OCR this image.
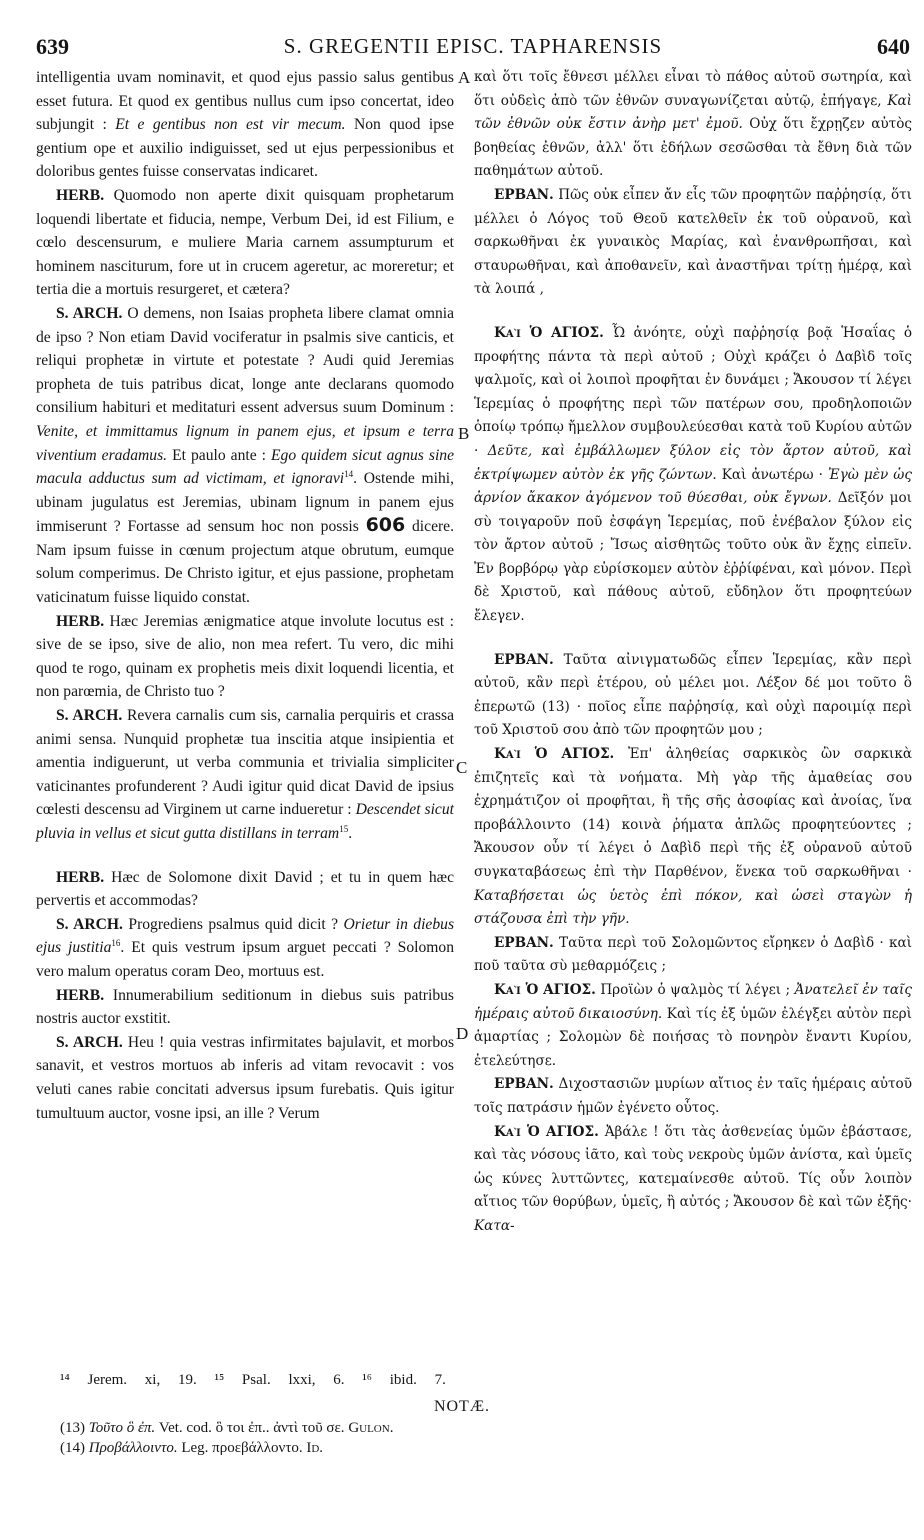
639	S. GREGENTII EPISC. TAPHARENSIS	640

intelligentia uvam nominavit, et quod ejus passio salus gentibus esset futura. Et quod ex gentibus nullus cum ipso concertat, ideo subjungit : Et e gentibus non est vir mecum. Non quod ipse gentium ope et auxilio indiguisset, sed ut ejus perpessionibus et doloribus gentes fuisse conservatas indicaret.

HERB. Quomodo non aperte dixit quisquam prophetarum loquendi libertate et fiducia, nempe, Verbum Dei, id est Filium, e cœlo descensurum, e muliere Maria carnem assumpturum et hominem nasciturum, fore ut in crucem ageretur, ac moreretur; et tertia die a mortuis resurgeret, et cætera?

S. ARCH. O demens, non Isaias propheta libere clamat omnia de ipso ? Non etiam David vociferatur in psalmis sive canticis, et reliqui prophetæ in virtute et potestate ? Audi quid Jeremias propheta de tuis patribus dicat, longe ante declarans quomodo consilium habituri et meditaturi essent adversus suum Dominum : Venite, et immittamus lignum in panem ejus, et ipsum e terra viventium eradamus. Et paulo ante : Ego quidem sicut agnus sine macula adductus sum ad victimam, et ignoravi$^{14}$. Ostende mihi, ubinam jugulatus est Jeremias, ubinam lignum in panem ejus immiserunt ? Fortasse ad sensum hoc non possis 606 dicere. Nam ipsum fuisse in cœnum projectum atque obrutum, eumque solum comperimus. De Christo igitur, et ejus passione, prophetam vaticinatum fuisse liquido constat.

HERB. Hæc Jeremias ænigmatice atque involute locutus est : sive de se ipso, sive de alio, non mea refert. Tu vero, dic mihi quod te rogo, quinam ex prophetis meis dixit loquendi licentia, et non parœmia, de Christo tuo ?

S. ARCH. Revera carnalis cum sis, carnalia perquiris et crassa animi sensa. Nunquid prophetæ tua inscitia atque insipientia et amentia indiguerunt, ut verba communia et trivialia simpliciter vaticinantes profunderent ? Audi igitur quid dicat David de ipsius cœlesti descensu ad Virginem ut carne indueretur : Descendet sicut pluvia in vellus et sicut gutta distillans in terram$^{15}$.

HERB. Hæc de Solomone dixit David ; et tu in quem hæc pervertis et accommodas?

S. ARCH. Progrediens psalmus quid dicit ? Orietur in diebus ejus justitia$^{16}$. Et quis vestrum ipsum arguet peccati ? Solomon vero malum operatus coram Deo, mortuus est.

HERB. Innumerabilium seditionum in diebus suis patribus nostris auctor exstitit.

S. ARCH. Heu ! quia vestras infirmitates bajulavit, et morbos sanavit, et vestros mortuos ab inferis ad vitam revocavit : vos veluti canes rabie concitati adversus ipsum furebatis. Quis igitur tumultuum auctor, vosne ipsi, an ille ? Verum

A
B
C
D

καὶ ὅτι τοῖς ἔθνεσι μέλλει εἶναι τὸ πάθος αὐτοῦ σωτηρία, καὶ ὅτι οὐδεὶς ἀπὸ τῶν ἐθνῶν συναγωνίζεται αὐτῷ, ἐπήγαγε, Καὶ τῶν ἐθνῶν οὐκ ἔστιν ἀνὴρ μετ' ἐμοῦ. Οὐχ ὅτι ἔχρῃζεν αὐτὸς βοηθείας ἐθνῶν, ἀλλ' ὅτι ἐδήλων σεσῶσθαι τὰ ἔθνη διὰ τῶν παθημάτων αὐτοῦ.

ΕΡΒΑΝ. Πῶς οὐκ εἶπεν ἄν εἷς τῶν προφητῶν παῤῥησίᾳ, ὅτι μέλλει ὁ Λόγος τοῦ Θεοῦ κατελθεῖν ἐκ τοῦ οὐρανοῦ, καὶ σαρκωθῆναι ἐκ γυναικὸς Μαρίας, καὶ ἐνανθρωπῆσαι, καὶ σταυρωθῆναι, καὶ ἀποθανεῖν, καὶ ἀναστῆναι τρίτῃ ἡμέρᾳ, καὶ τὰ λοιπά ,

Καὶ Ὁ ΑΓΙΟΣ. Ὦ ἀνόητε, οὐχὶ παῤῥησίᾳ βοᾷ Ἡσαΐας ὁ προφήτης πάντα τὰ περὶ αὐτοῦ ; Οὐχὶ κράζει ὁ Δαβὶδ τοῖς ψαλμοῖς, καὶ οἱ λοιποὶ προφῆται ἐν δυνάμει ; Ἄκουσον τί λέγει Ἱερεμίας ὁ προφήτης περὶ τῶν πατέρων σου, προδηλοποιῶν ὁποίῳ τρόπῳ ἤμελλον συμβουλεύεσθαι κατὰ τοῦ Κυρίου αὐτῶν · Δεῦτε, καὶ ἐμβάλλωμεν ξύλον εἰς τὸν ἄρτον αὐτοῦ, καὶ ἐκτρίψωμεν αὐτὸν ἐκ γῆς ζώντων. Καὶ ἀνωτέρω · Ἐγὼ μὲν ὡς ἀρνίον ἄκακον ἀγόμενον τοῦ θύεσθαι, οὐκ ἔγνων. Δεῖξόν μοι σὺ τοιγαροῦν ποῦ ἐσφάγη Ἱερεμίας, ποῦ ἐνέβαλον ξύλον εἰς τὸν ἄρτον αὐτοῦ ; Ἴσως αἰσθητῶς τοῦτο οὐκ ἂν ἔχῃς εἰπεῖν. Ἐν βορβόρῳ γὰρ εὑρίσκομεν αὐτὸν ἐῤῥίφέναι, καὶ μόνον. Περὶ δὲ Χριστοῦ, καὶ πάθους αὐτοῦ, εὔδηλον ὅτι προφητεύων ἔλεγεν.

ΕΡΒΑΝ. Ταῦτα αἰνιγματωδῶς εἶπεν Ἱερεμίας, κἂν περὶ αὐτοῦ, κἂν περὶ ἑτέρου, οὐ μέλει μοι. Λέξον δέ μοι τοῦτο ὃ ἐπερωτῶ (13) · ποῖος εἶπε παῤῥησίᾳ, καὶ οὐχὶ παροιμίᾳ περὶ τοῦ Χριστοῦ σου ἀπὸ τῶν προφητῶν μου ;

Καὶ Ὁ ΑΓΙΟΣ. Ἐπ' ἀληθείας σαρκικὸς ὢν σαρκικὰ ἐπιζητεῖς καὶ τὰ νοήματα. Μὴ γὰρ τῆς ἀμαθείας σου ἐχρημάτιζον οἱ προφῆται, ἢ τῆς σῆς ἀσοφίας καὶ ἀνοίας, ἵνα προβάλλοιντο (14) κοινὰ ῥήματα ἁπλῶς προφητεύοντες ; Ἄκουσον οὖν τί λέγει ὁ Δαβὶδ περὶ τῆς ἐξ οὐρανοῦ αὐτοῦ συγκαταβάσεως ἐπὶ τὴν Παρθένον, ἕνεκα τοῦ σαρκωθῆναι · Καταβήσεται ὡς ὑετὸς ἐπὶ πόκον, καὶ ὡσεὶ σταγὼν ἡ στάζουσα ἐπὶ τὴν γῆν.

ΕΡΒΑΝ. Ταῦτα περὶ τοῦ Σολομῶντος εἴρηκεν ὁ Δαβὶδ · καὶ ποῦ ταῦτα σὺ μεθαρμόζεις ;

Καὶ Ὁ ΑΓΙΟΣ. Προϊὼν ὁ ψαλμὸς τί λέγει ; Ἀνατελεῖ ἐν ταῖς ἡμέραις αὐτοῦ δικαιοσύνη. Καὶ τίς ἐξ ὑμῶν ἐλέγξει αὐτὸν περὶ ἁμαρτίας ; Σολομὼν δὲ ποιήσας τὸ πονηρὸν ἔναντι Κυρίου, ἐτελεύτησε.

ΕΡΒΑΝ. Διχοστασιῶν μυρίων αἴτιος ἐν ταῖς ἡμέραις αὐτοῦ τοῖς πατράσιν ἡμῶν ἐγένετο οὗτος.

Καὶ Ὁ ΑΓΙΟΣ. Ἀβάλε ! ὅτι τὰς ἀσθενείας ὑμῶν ἐβάστασε, καὶ τὰς νόσους ἰᾶτο, καὶ τοὺς νεκροὺς ὑμῶν ἀνίστα, καὶ ὑμεῖς ὡς κύνες λυττῶντες, κατεμαίνεσθε αὐτοῦ. Τίς οὖν λοιπὸν αἴτιος τῶν θορύβων, ὑμεῖς, ἢ αὐτός ; Ἄκουσον δὲ καὶ τῶν ἑξῆς· Κατα-

¹⁴ Jerem. xi, 19. ¹⁵ Psal. lxxi, 6. ¹⁶ ibid. 7.
NOTÆ.
(13) Τοῦτο ὃ ἐπ. Vet. cod. ὃ τοι ἐπ.. ἀντὶ τοῦ σε. Gulon.
(14) Προβάλλοιντο. Leg. προεβάλλοντο. Id.
